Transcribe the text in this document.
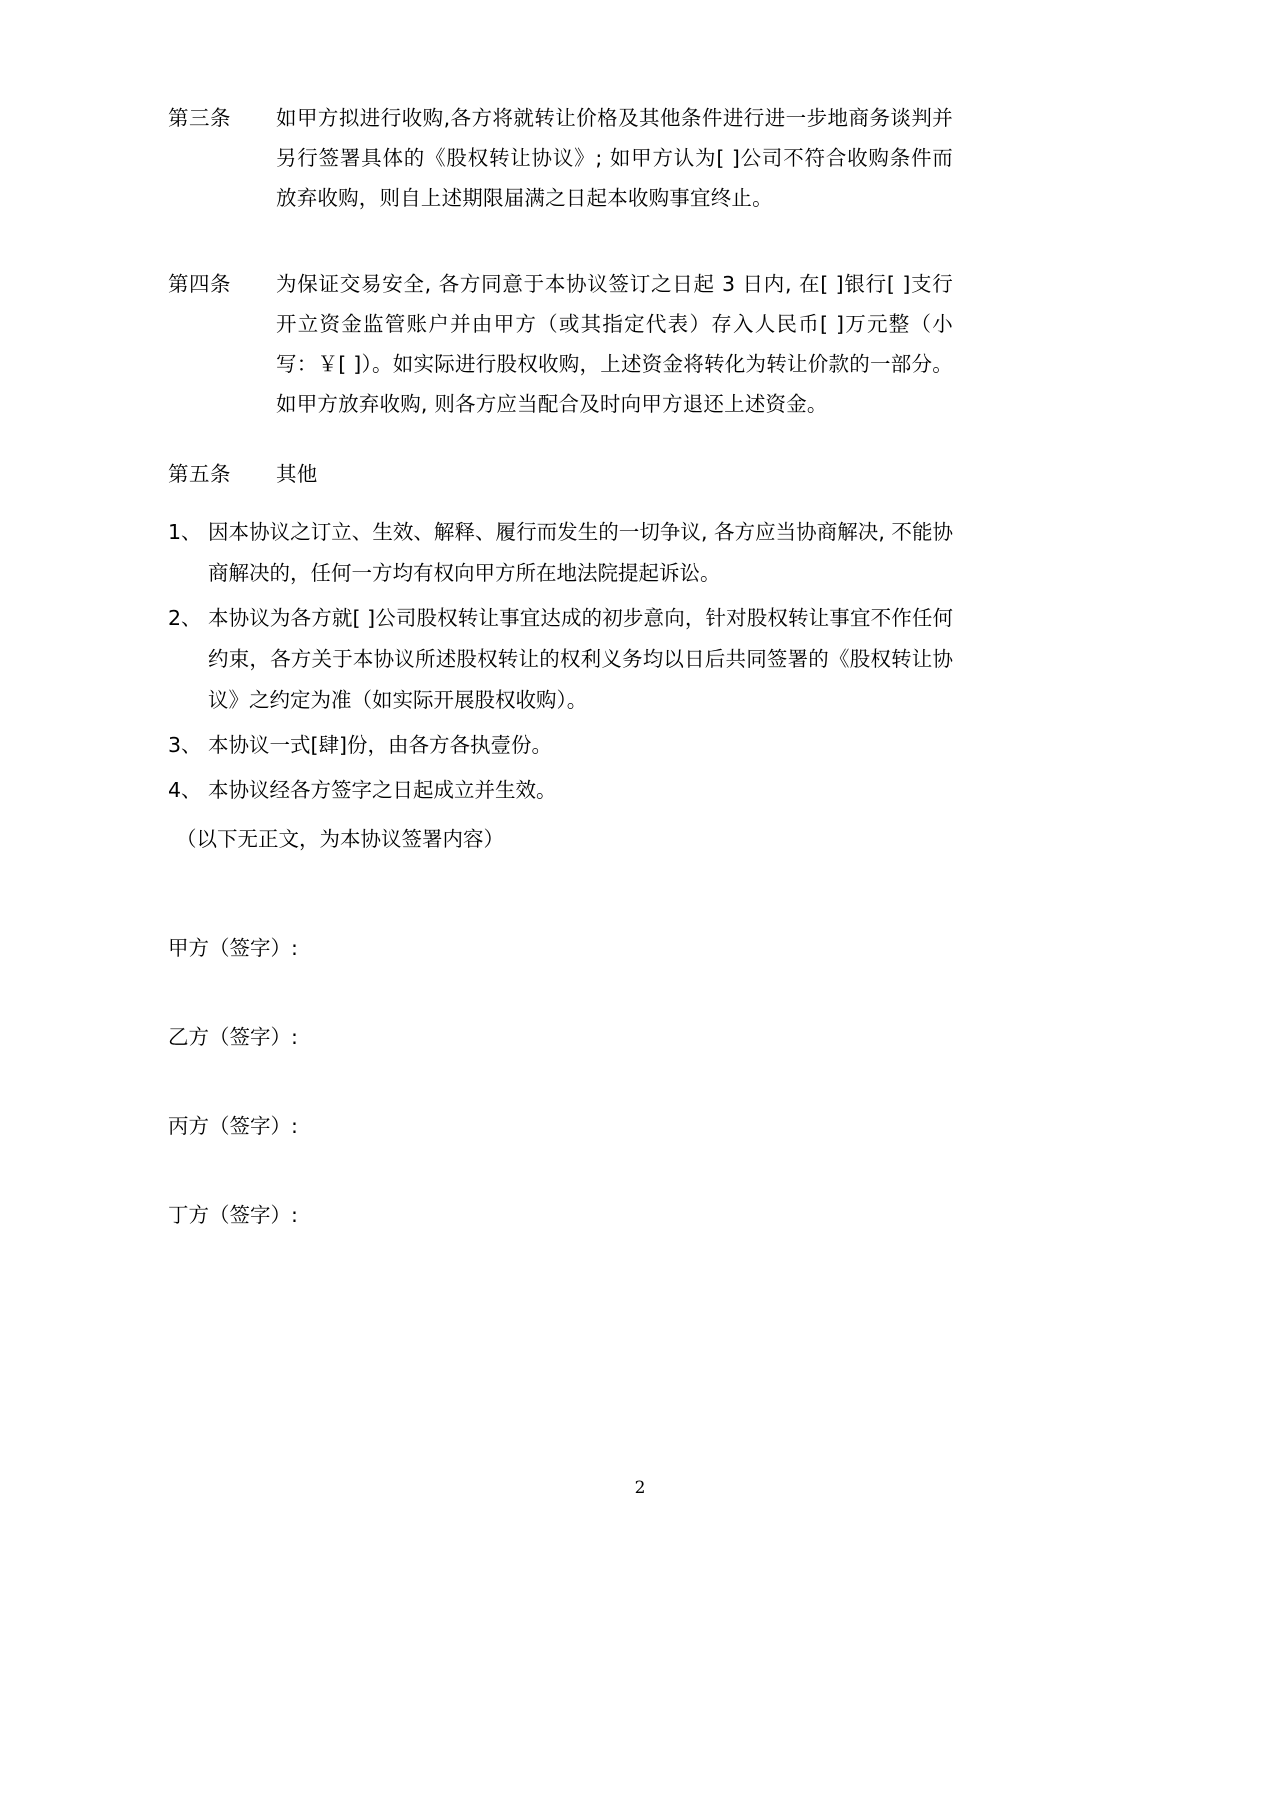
第三条	如甲方拟进行收购,各方将就转让价格及其他条件进行进一步地商务谈判并另行签署具体的《股权转让协议》; 如甲方认为[ ]公司不符合收购条件而放弃收购，则自上述期限届满之日起本收购事宜终止。
第四条	为保证交易安全, 各方同意于本协议签订之日起 3 日内, 在[ ]银行[ ]支行开立资金监管账户并由甲方（或其指定代表）存入人民币[ ]万元整（小写：￥[ ]）。如实际进行股权收购，上述资金将转化为转让价款的一部分。如甲方放弃收购, 则各方应当配合及时向甲方退还上述资金。
第五条	其他
1、 因本协议之订立、生效、解释、履行而发生的一切争议, 各方应当协商解决, 不能协商解决的，任何一方均有权向甲方所在地法院提起诉讼。
2、 本协议为各方就[ ]公司股权转让事宜达成的初步意向，针对股权转让事宜不作任何约束，各方关于本协议所述股权转让的权利义务均以日后共同签署的《股权转让协议》之约定为准（如实际开展股权收购）。
3、 本协议一式[肆]份，由各方各执壹份。
4、 本协议经各方签字之日起成立并生效。
（以下无正文，为本协议签署内容）
甲方（签字）:
乙方（签字）:
丙方（签字）:
丁方（签字）:
2
